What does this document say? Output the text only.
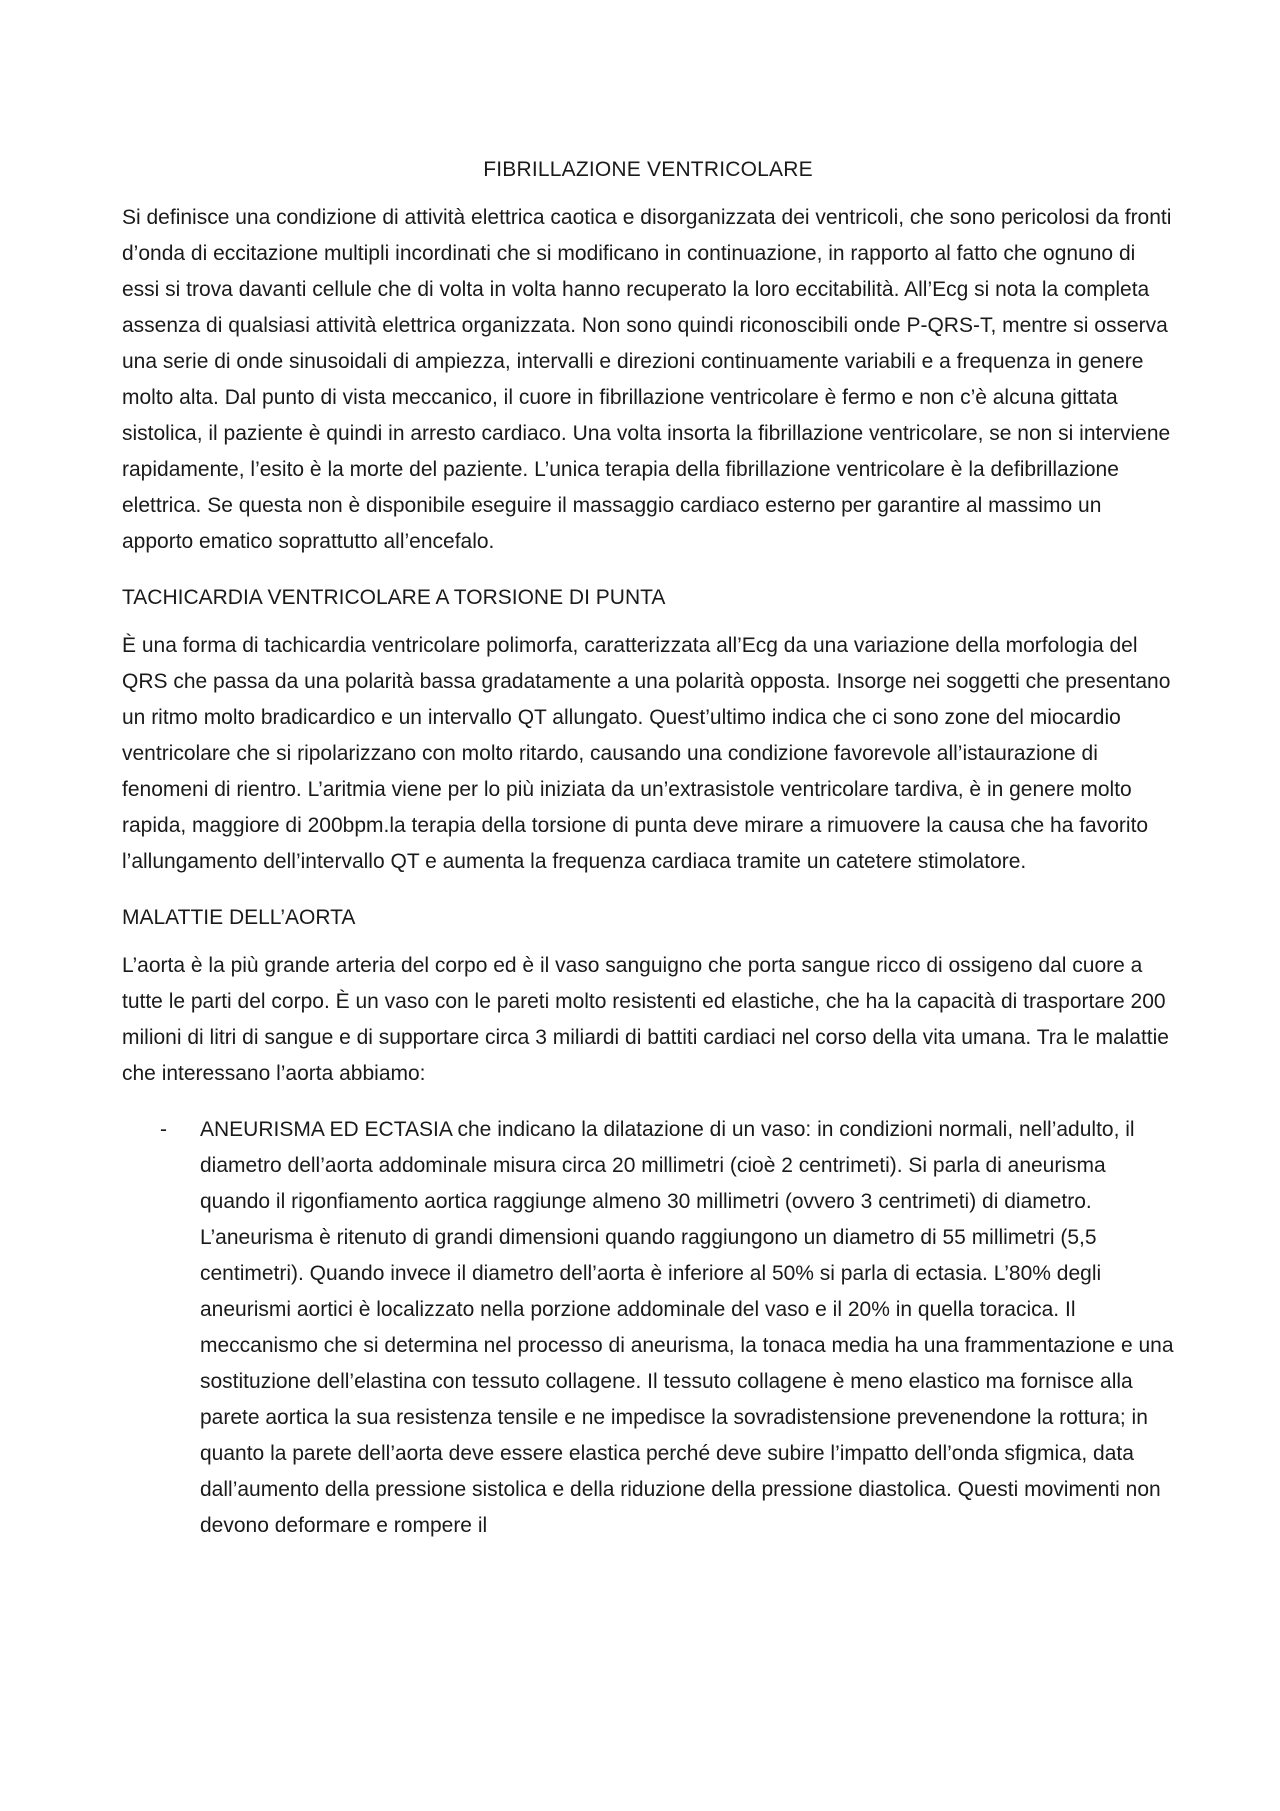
FIBRILLAZIONE VENTRICOLARE

Si definisce una condizione di attività elettrica caotica e disorganizzata dei ventricoli, che sono pericolosi da fronti d’onda di eccitazione multipli incordinati che si modificano in continuazione, in rapporto al fatto che ognuno di essi si trova davanti cellule che di volta in volta hanno recuperato la loro eccitabilità. All’Ecg si nota la completa assenza di qualsiasi attività elettrica organizzata. Non sono quindi riconoscibili onde P-QRS-T, mentre si osserva una serie di onde sinusoidali di ampiezza, intervalli e direzioni continuamente variabili e a frequenza in genere molto alta. Dal punto di vista meccanico, il cuore in fibrillazione ventricolare è fermo e non c’è alcuna gittata sistolica, il paziente è quindi in arresto cardiaco. Una volta insorta la fibrillazione ventricolare, se non si interviene rapidamente, l’esito è la morte del paziente. L’unica terapia della fibrillazione ventricolare è la defibrillazione elettrica. Se questa non è disponibile eseguire il massaggio cardiaco esterno per garantire al massimo un apporto ematico soprattutto all’encefalo.

TACHICARDIA VENTRICOLARE A TORSIONE DI PUNTA

È una forma di tachicardia ventricolare polimorfa, caratterizzata all’Ecg da una variazione della morfologia del QRS che passa da una polarità bassa gradatamente a una polarità opposta. Insorge nei soggetti che presentano un ritmo molto bradicardico e un intervallo QT allungato. Quest’ultimo indica che ci sono zone del miocardio ventricolare che si ripolarizzano con molto ritardo, causando una condizione favorevole all’istaurazione di fenomeni di rientro. L’aritmia viene per lo più iniziata da un’extrasistole ventricolare tardiva, è in genere molto rapida, maggiore di 200bpm.la terapia della torsione di punta deve mirare a rimuovere la causa che ha favorito l’allungamento dell’intervallo QT e aumenta la frequenza cardiaca tramite un catetere stimolatore.

MALATTIE DELL’AORTA

L’aorta è la più grande arteria del corpo ed è il vaso sanguigno che porta sangue ricco di ossigeno dal cuore a tutte le parti del corpo. È un vaso con le pareti molto resistenti ed elastiche, che ha la capacità di trasportare 200 milioni di litri di sangue e di supportare circa 3 miliardi di battiti cardiaci nel corso della vita umana. Tra le malattie che interessano l’aorta abbiamo:

- ANEURISMA ED ECTASIA che indicano la dilatazione di un vaso: in condizioni normali, nell’adulto, il diametro dell’aorta addominale misura circa 20 millimetri (cioè 2 centrimeti). Si parla di aneurisma quando il rigonfiamento aortica raggiunge almeno 30 millimetri (ovvero 3 centrimeti) di diametro. L’aneurisma è ritenuto di grandi dimensioni quando raggiungono un diametro di 55 millimetri (5,5 centimetri). Quando invece il diametro dell’aorta è inferiore al 50% si parla di ectasia. L’80% degli aneurismi aortici è localizzato nella porzione addominale del vaso e il 20% in quella toracica. Il meccanismo che si determina nel processo di aneurisma, la tonaca media ha una frammentazione e una sostituzione dell’elastina con tessuto collagene. Il tessuto collagene è meno elastico ma fornisce alla parete aortica la sua resistenza tensile e ne impedisce la sovradistensione prevenendone la rottura; in quanto la parete dell’aorta deve essere elastica perché deve subire l’impatto dell’onda sfigmica, data dall’aumento della pressione sistolica e della riduzione della pressione diastolica. Questi movimenti non devono deformare e rompere il
